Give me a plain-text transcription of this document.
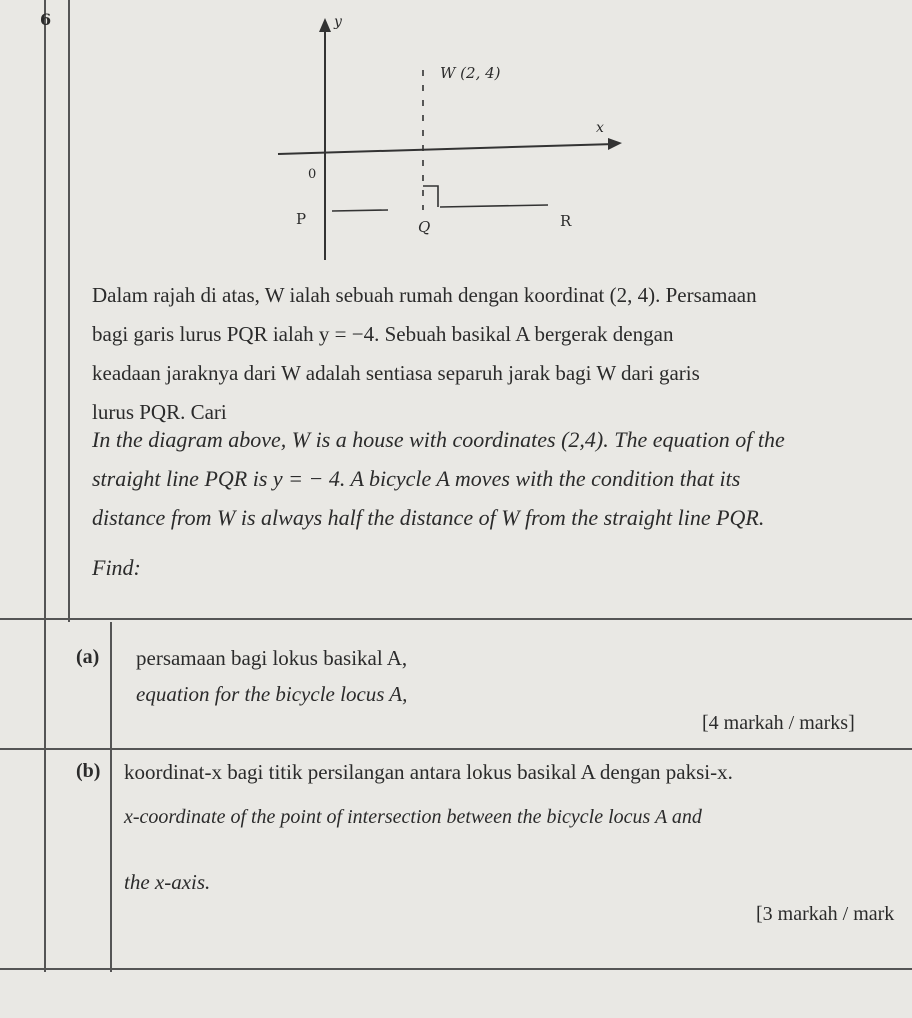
6	y
x
0
W (2, 4)
P	Q	R
Dalam rajah di atas, W ialah sebuah rumah dengan koordinat (2, 4). Persamaan
bagi garis lurus PQR ialah y = −4. Sebuah basikal A bergerak dengan
keadaan jaraknya dari W adalah sentiasa separuh jarak bagi W dari garis
lurus PQR. Cari
In the diagram above, W is a house with coordinates (2,4). The equation of the
straight line PQR is y = − 4. A bicycle A moves with the condition that its
distance from W is always half the distance of W from the straight line PQR.
Find:
(a) persamaan bagi lokus basikal A,
equation for the bicycle locus A,
[4 markah / marks]
(b) koordinat-x bagi titik persilangan antara lokus basikal A dengan paksi-x.
x-coordinate of the point of intersection between the bicycle locus A and
the x-axis.
[3 markah / mark
